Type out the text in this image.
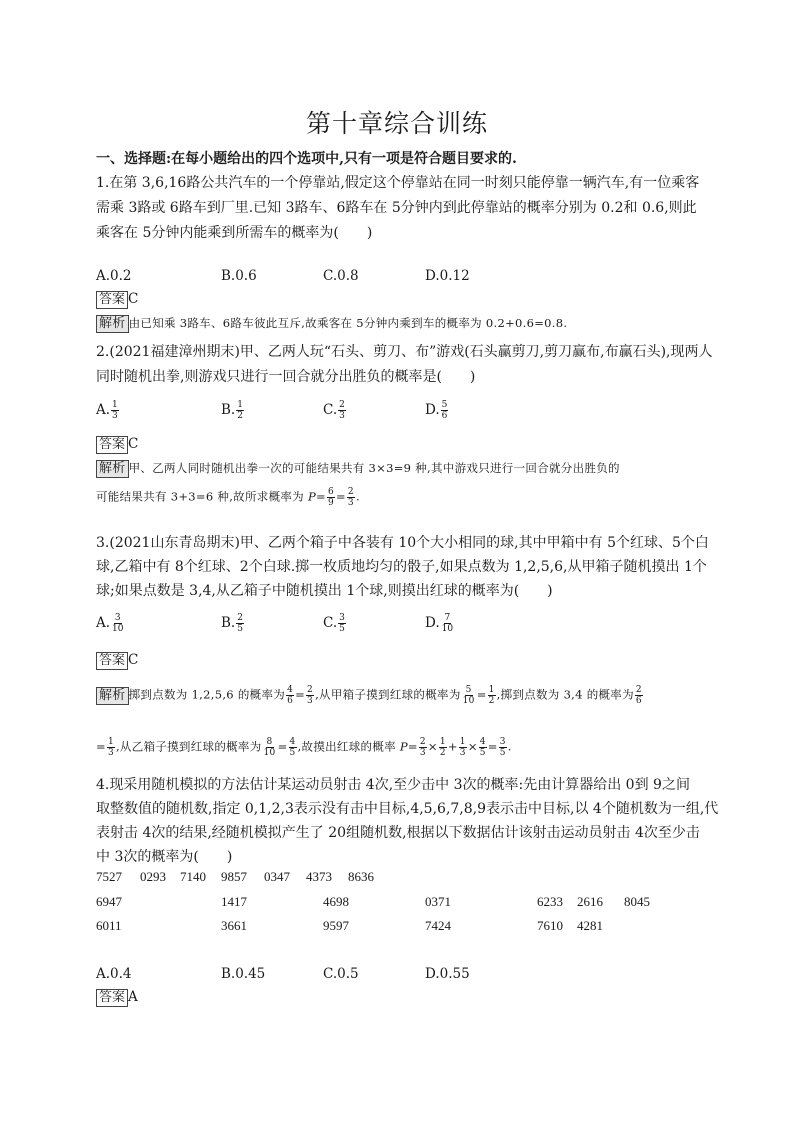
第十章综合训练
一、选择题:在每小题给出的四个选项中,只有一项是符合题目要求的.
1.在第 3,6,16路公共汽车的一个停靠站,假定这个停靠站在同一时刻只能停靠一辆汽车,有一位乘客
需乘 3路或 6路车到厂里.已知 3路车、6路车在 5分钟内到此停靠站的概率分别为 0.2和 0.6,则此
乘客在 5分钟内能乘到所需车的概率为(　　)
A.0.2	B.0.6	C.0.8	D.0.12
答案 C
解析 由已知乘 3路车、6路车彼此互斥,故乘客在 5分钟内乘到车的概率为 0.2+0.6=0.8.
2.(2021福建漳州期末)甲、乙两人玩“石头、剪刀、布”游戏(石头赢剪刀,剪刀赢布,布赢石头),现两人
同时随机出拳,则游戏只进行一回合就分出胜负的概率是(　　)
A. $\frac{1}{3}$	B. $\frac{1}{2}$	C. $\frac{2}{3}$	D. $\frac{5}{6}$
答案 C
解析 甲、乙两人同时随机出拳一次的可能结果共有 3×3=9 种,其中游戏只进行一回合就分出胜负的
可能结果共有 3+3=6 种,故所求概率为 $P= \frac{6}{9} = \frac{2}{3}$ .
3.(2021山东青岛期末)甲、乙两个箱子中各装有 10个大小相同的球,其中甲箱中有 5个红球、5个白
球,乙箱中有 8个红球、2个白球.掷一枚质地均匀的骰子,如果点数为 1,2,5,6,从甲箱子随机摸出 1个
球;如果点数是 3,4,从乙箱子中随机摸出 1个球,则摸出红球的概率为(　　)
A. $\frac{3}{10}$	B. $\frac{2}{5}$	C. $\frac{3}{5}$	D. $\frac{7}{10}$
答案 C
解析 掷到点数为 1,2,5,6 的概率为 $\frac{4}{6} = \frac{2}{3}$ ,从甲箱子摸到红球的概率为 $\frac{5}{10} = \frac{1}{2}$ ,掷到点数为 3,4 的概率为 $\frac{2}{6}$
= $\frac{1}{3}$ ,从乙箱子摸到红球的概率为 $\frac{8}{10} = \frac{4}{5}$ ,故摸出红球的概率 $P= \frac{2}{3} \times \frac{1}{2} + \frac{1}{3} \times \frac{4}{5} = \frac{3}{5}$ .
4.现采用随机模拟的方法估计某运动员射击 4次,至少击中 3次的概率:先由计算器给出 0到 9之间
取整数值的随机数,指定 0,1,2,3表示没有击中目标,4,5,6,7,8,9表示击中目标,以 4个随机数为一组,代
表射击 4次的结果,经随机模拟产生了 20组随机数,根据以下数据估计该射击运动员射击 4次至少击
中 3次的概率为(　　)
7527 0293 7140 9857 0347 4373 8636
6947	1417	4698	0371	6233 2616 8045
6011	3661	9597	7424	7610 4281
A.0.4	B.0.45	C.0.5	D.0.55
答案 A
